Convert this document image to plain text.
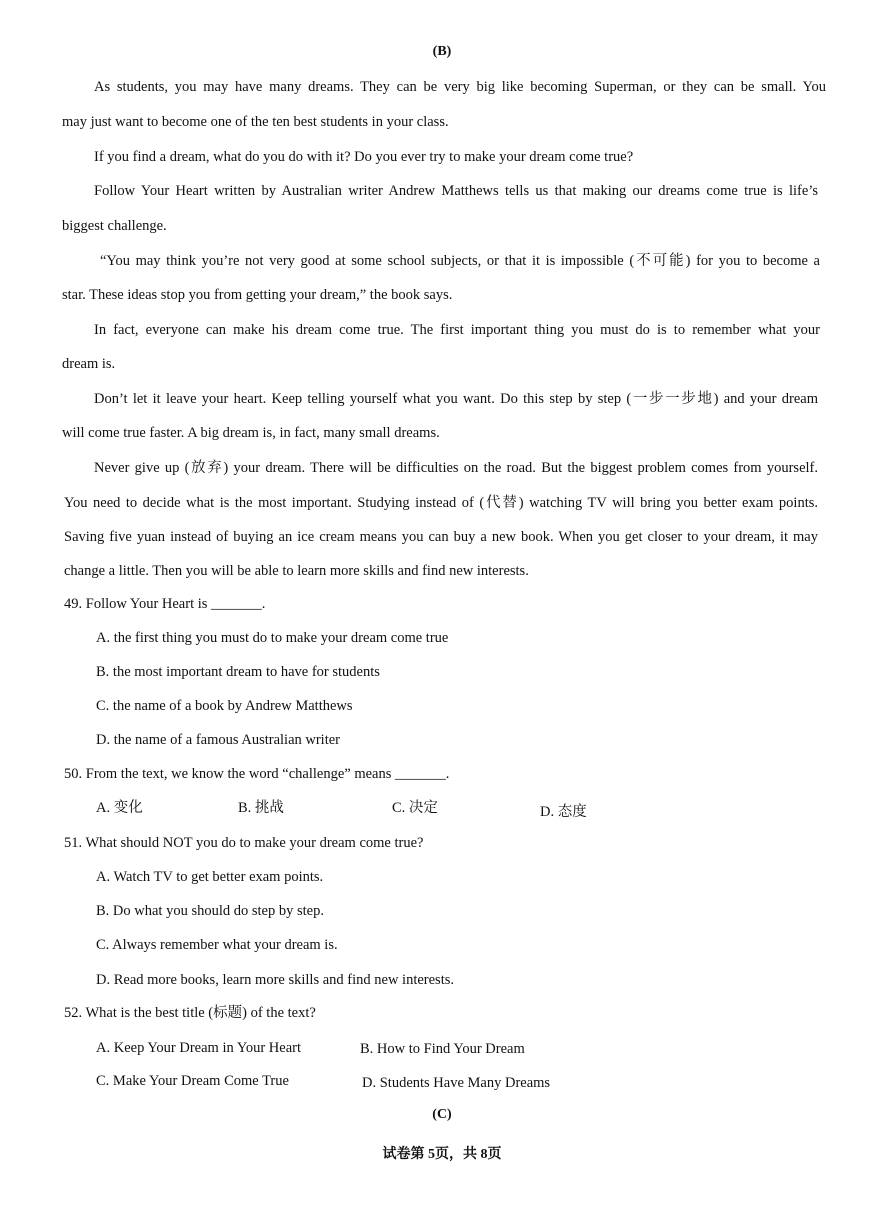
(B)
As students, you may have many dreams. They can be very big like becoming Superman, or they can be small. You
may just want to become one of the ten best students in your class.
If you find a dream, what do you do with it? Do you ever try to make your dream come true?
Follow Your Heart written by Australian writer Andrew Matthews tells us that making our dreams come true is life’s
biggest challenge.
“You may think you’re not very good at some school subjects, or that it is impossible (不可能) for you to become a
star. These ideas stop you from getting your dream,” the book says.
In fact, everyone can make his dream come true. The first important thing you must do is to remember what your
dream is.
Don’t let it leave your heart. Keep telling yourself what you want. Do this step by step (一步一步地) and your dream
will come true faster. A big dream is, in fact, many small dreams.
Never give up (放弃) your dream. There will be difficulties on the road. But the biggest problem comes from yourself.
You need to decide what is the most important. Studying instead of (代替) watching TV will bring you better exam points.
Saving five yuan instead of buying an ice cream means you can buy a new book. When you get closer to your dream, it may
change a little. Then you will be able to learn more skills and find new interests.
49. Follow Your Heart is _______.
A. the first thing you must do to make your dream come true
B. the most important dream to have for students
C. the name of a book by Andrew Matthews
D. the name of a famous Australian writer
50. From the text, we know the word “challenge” means _______.
A. 变化	B. 挑战	C. 决定	D. 态度
51. What should NOT you do to make your dream come true?
A. Watch TV to get better exam points.
B. Do what you should do step by step.
C. Always remember what your dream is.
D. Read more books, learn more skills and find new interests.
52. What is the best title (标题) of the text?
A. Keep Your Dream in Your Heart	B. How to Find Your Dream
C. Make Your Dream Come True	D. Students Have Many Dreams
(C)
试卷第 5页，共 8页
